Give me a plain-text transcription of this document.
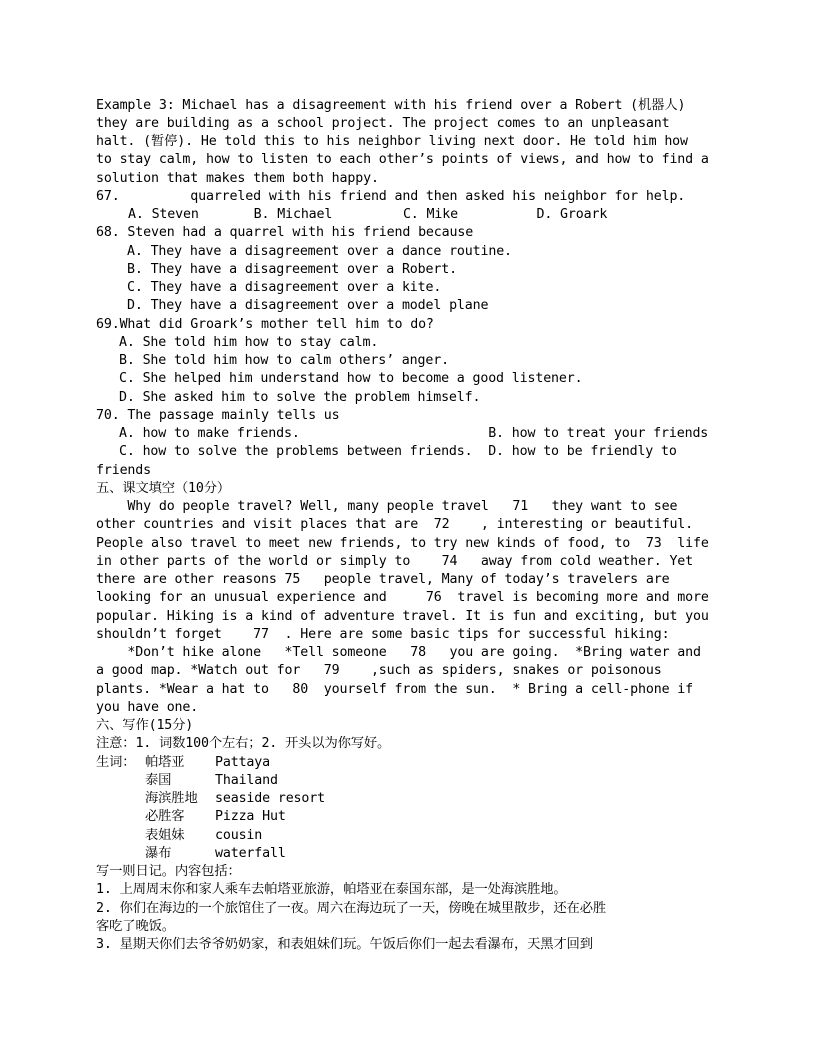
Example 3: Michael has a disagreement with his friend over a Robert (机器人)
they are building as a school project. The project comes to an unpleasant
halt. (暂停). He told this to his neighbor living next door. He told him how
to stay calm, how to listen to each other’s points of views, and how to find a
solution that makes them both happy.
67.         quarreled with his friend and then asked his neighbor for help.
A. Steven       B. Michael         C. Mike          D. Groark
68. Steven had a quarrel with his friend because
A. They have a disagreement over a dance routine.
B. They have a disagreement over a Robert.
C. They have a disagreement over a kite.
D. They have a disagreement over a model plane
69.What did Groark’s mother tell him to do?
A. She told him how to stay calm.
B. She told him how to calm others’ anger.
C. She helped him understand how to become a good listener.
D. She asked him to solve the problem himself.
70. The passage mainly tells us
A. how to make friends.                        B. how to treat your friends
C. how to solve the problems between friends.  D. how to be friendly to
friends
五、课文填空（10分）
Why do people travel? Well, many people travel   71   they want to see
other countries and visit places that are  72    , interesting or beautiful.
People also travel to meet new friends, to try new kinds of food, to  73  life
in other parts of the world or simply to    74   away from cold weather. Yet
there are other reasons 75   people travel, Many of today’s travelers are
looking for an unusual experience and     76  travel is becoming more and more
popular. Hiking is a kind of adventure travel. It is fun and exciting, but you
shouldn’t forget    77  . Here are some basic tips for successful hiking:
*Don’t hike alone   *Tell someone   78   you are going.  *Bring water and
a good map. *Watch out for   79    ,such as spiders, snakes or poisonous
plants. *Wear a hat to   80  yourself from the sun.  * Bring a cell-phone if
you have one.
六、写作(15分)
注意：1. 词数100个左右；2. 开头以为你写好。
生词： 帕塔亚	Pattaya
泰国	Thailand
海滨胜地	seaside resort
必胜客	Pizza Hut
表姐妹	cousin
瀑布	waterfall
写一则日记。内容包括：
1. 上周周末你和家人乘车去帕塔亚旅游，帕塔亚在泰国东部，是一处海滨胜地。
2. 你们在海边的一个旅馆住了一夜。周六在海边玩了一天，傍晚在城里散步，还在必胜
客吃了晚饭。
3. 星期天你们去爷爷奶奶家，和表姐妹们玩。午饭后你们一起去看瀑布，天黑才回到
